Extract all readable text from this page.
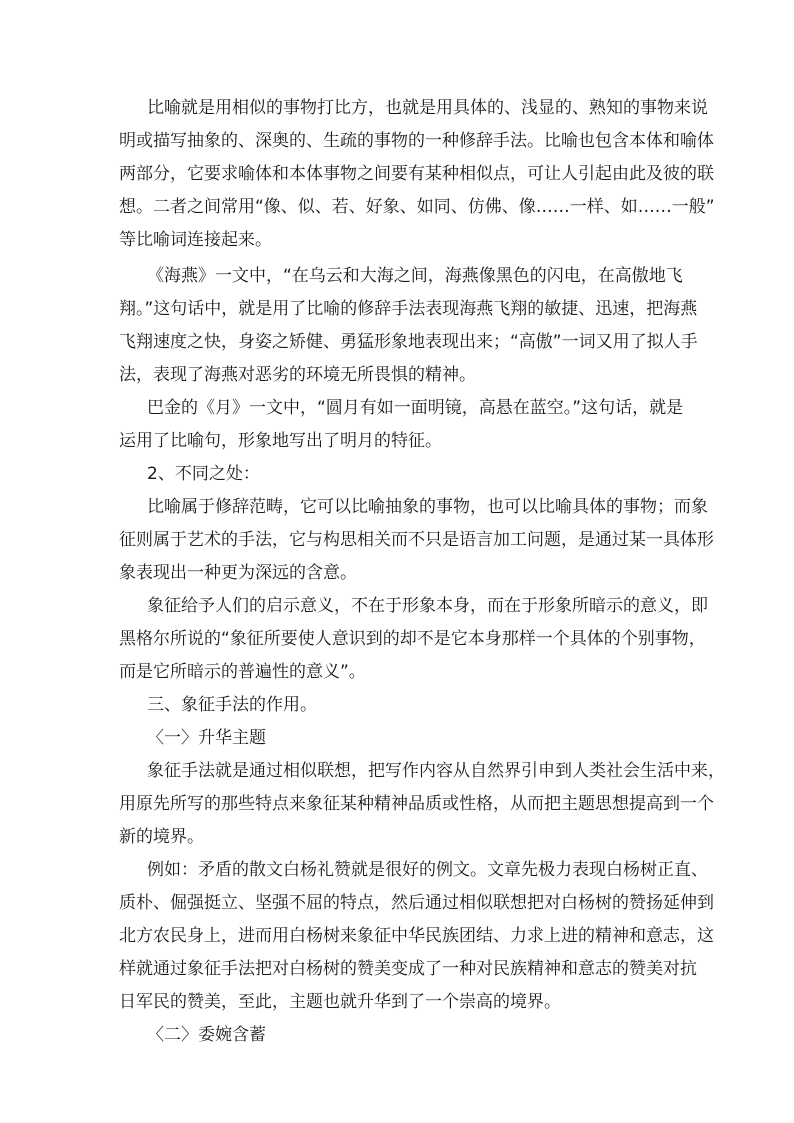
比喻就是用相似的事物打比方，也就是用具体的、浅显的、熟知的事物来说
明或描写抽象的、深奥的、生疏的事物的一种修辞手法。比喻也包含本体和喻体
两部分，它要求喻体和本体事物之间要有某种相似点，可让人引起由此及彼的联
想。二者之间常用“像、似、若、好象、如同、仿佛、像……一样、如……一般”
等比喻词连接起来。
《海燕》一文中，“在乌云和大海之间，海燕像黑色的闪电，在高傲地飞
翔。”这句话中，就是用了比喻的修辞手法表现海燕飞翔的敏捷、迅速，把海燕
飞翔速度之快，身姿之矫健、勇猛形象地表现出来；“高傲”一词又用了拟人手
法，表现了海燕对恶劣的环境无所畏惧的精神。
巴金的《月》一文中，“圆月有如一面明镜，高悬在蓝空。”这句话，就是
运用了比喻句，形象地写出了明月的特征。
2、不同之处：
比喻属于修辞范畴，它可以比喻抽象的事物，也可以比喻具体的事物；而象
征则属于艺术的手法，它与构思相关而不只是语言加工问题，是通过某一具体形
象表现出一种更为深远的含意。
象征给予人们的启示意义，不在于形象本身，而在于形象所暗示的意义，即
黑格尔所说的“象征所要使人意识到的却不是它本身那样一个具体的个别事物，
而是它所暗示的普遍性的意义”。
三、象征手法的作用。
〈一〉升华主题
象征手法就是通过相似联想，把写作内容从自然界引申到人类社会生活中来，
用原先所写的那些特点来象征某种精神品质或性格，从而把主题思想提高到一个
新的境界。
例如：矛盾的散文白杨礼赞就是很好的例文。文章先极力表现白杨树正直、
质朴、倔强挺立、坚强不屈的特点，然后通过相似联想把对白杨树的赞扬延伸到
北方农民身上，进而用白杨树来象征中华民族团结、力求上进的精神和意志，这
样就通过象征手法把对白杨树的赞美变成了一种对民族精神和意志的赞美对抗
日军民的赞美，至此，主题也就升华到了一个崇高的境界。
〈二〉委婉含蓄
